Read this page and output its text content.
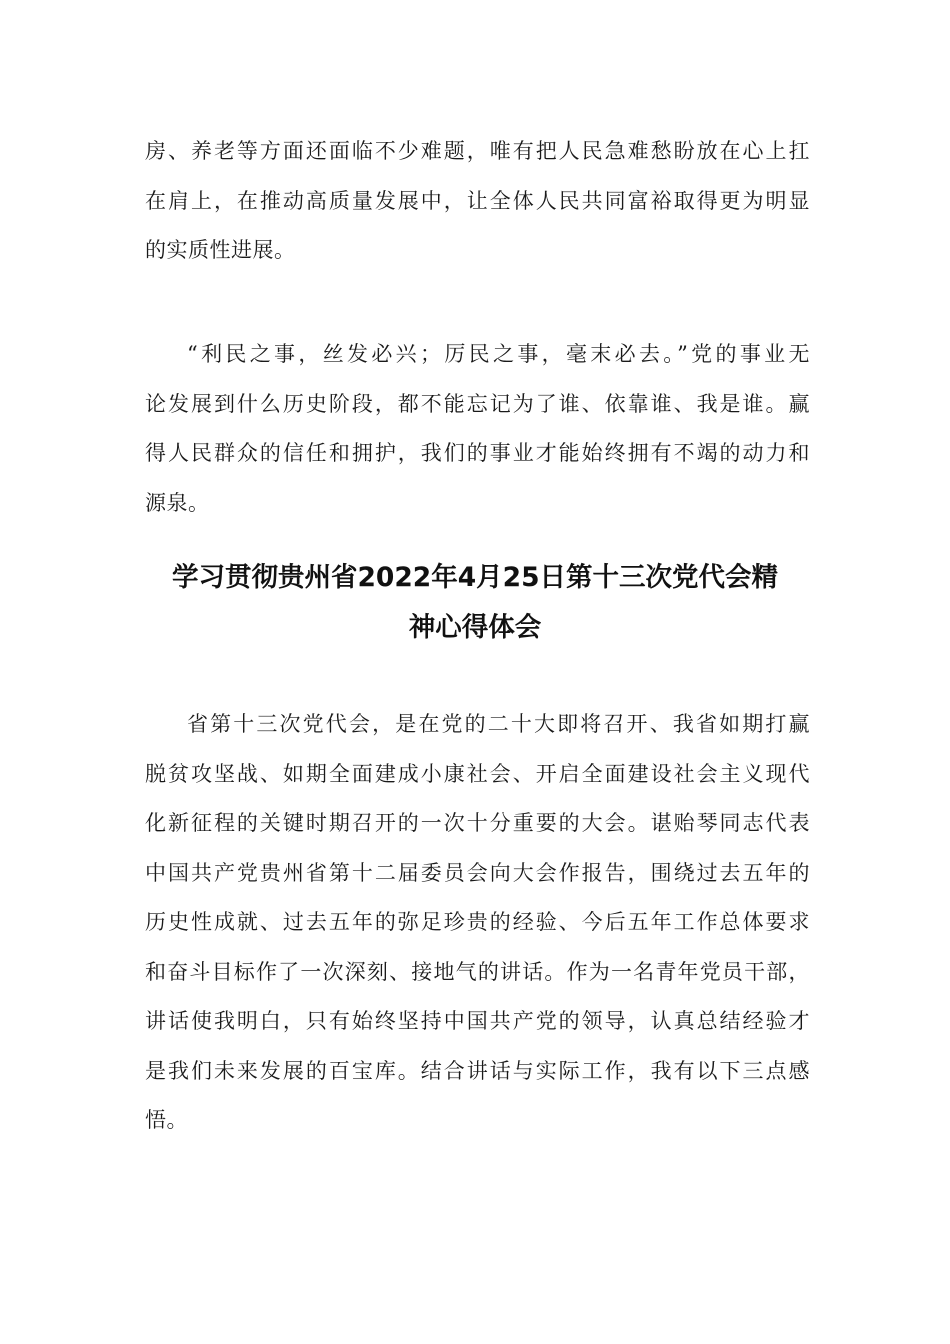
房、养老等方面还面临不少难题，唯有把人民急难愁盼放在心上扛
在肩上，在推动高质量发展中，让全体人民共同富裕取得更为明显
的实质性进展。
“利民之事，丝发必兴；厉民之事，毫末必去。”党的事业无
论发展到什么历史阶段，都不能忘记为了谁、依靠谁、我是谁。赢
得人民群众的信任和拥护，我们的事业才能始终拥有不竭的动力和
源泉。
学习贯彻贵州省2022年4月25日第十三次党代会精
神心得体会
省第十三次党代会，是在党的二十大即将召开、我省如期打赢
脱贫攻坚战、如期全面建成小康社会、开启全面建设社会主义现代
化新征程的关键时期召开的一次十分重要的大会。谌贻琴同志代表
中国共产党贵州省第十二届委员会向大会作报告，围绕过去五年的
历史性成就、过去五年的弥足珍贵的经验、今后五年工作总体要求
和奋斗目标作了一次深刻、接地气的讲话。作为一名青年党员干部，
讲话使我明白，只有始终坚持中国共产党的领导，认真总结经验才
是我们未来发展的百宝库。结合讲话与实际工作，我有以下三点感
悟。
